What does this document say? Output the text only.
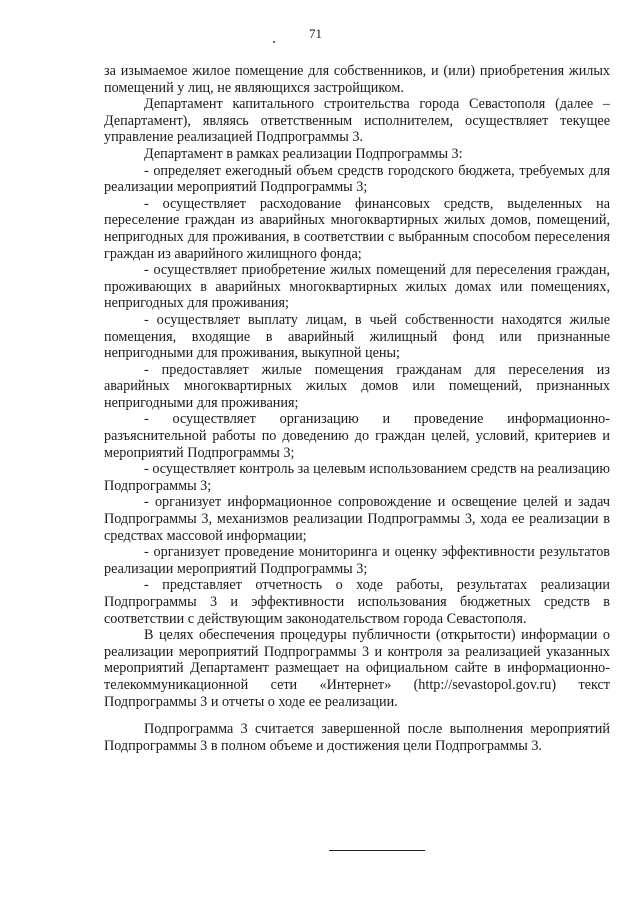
71

за изымаемое жилое помещение для собственников, и (или) приобретения жилых помещений у лиц, не являющихся застройщиком.

Департамент капитального строительства города Севастополя (далее – Департамент), являясь ответственным исполнителем, осуществляет текущее управление реализацией Подпрограммы 3.

Департамент в рамках реализации Подпрограммы 3:

- определяет ежегодный объем средств городского бюджета, требуемых для реализации мероприятий Подпрограммы 3;

- осуществляет расходование финансовых средств, выделенных на переселение граждан из аварийных многоквартирных жилых домов, помещений, непригодных для проживания, в соответствии с выбранным способом переселения граждан из аварийного жилищного фонда;

- осуществляет приобретение жилых помещений для переселения граждан, проживающих в аварийных многоквартирных жилых домах или помещениях, непригодных для проживания;

- осуществляет выплату лицам, в чьей собственности находятся жилые помещения, входящие в аварийный жилищный фонд или признанные непригодными для проживания, выкупной цены;

- предоставляет жилые помещения гражданам для переселения из аварийных многоквартирных жилых домов или помещений, признанных непригодными для проживания;

- осуществляет организацию и проведение информационно-разъяснительной работы по доведению до граждан целей, условий, критериев и мероприятий Подпрограммы 3;

- осуществляет контроль за целевым использованием средств на реализацию Подпрограммы 3;

- организует информационное сопровождение и освещение целей и задач Подпрограммы 3, механизмов реализации Подпрограммы 3, хода ее реализации в средствах массовой информации;

- организует проведение мониторинга и оценку эффективности результатов реализации мероприятий Подпрограммы 3;

- представляет отчетность о ходе работы, результатах реализации Подпрограммы 3 и эффективности использования бюджетных средств в соответствии с действующим законодательством города Севастополя.

В целях обеспечения процедуры публичности (открытости) информации о реализации мероприятий Подпрограммы 3 и контроля за реализацией указанных мероприятий Департамент размещает на официальном сайте в информационно-телекоммуникационной сети «Интернет» (http://sevastopol.gov.ru) текст Подпрограммы 3 и отчеты о ходе ее реализации.

Подпрограмма 3 считается завершенной после выполнения мероприятий Подпрограммы 3 в полном объеме и достижения цели Подпрограммы 3.
